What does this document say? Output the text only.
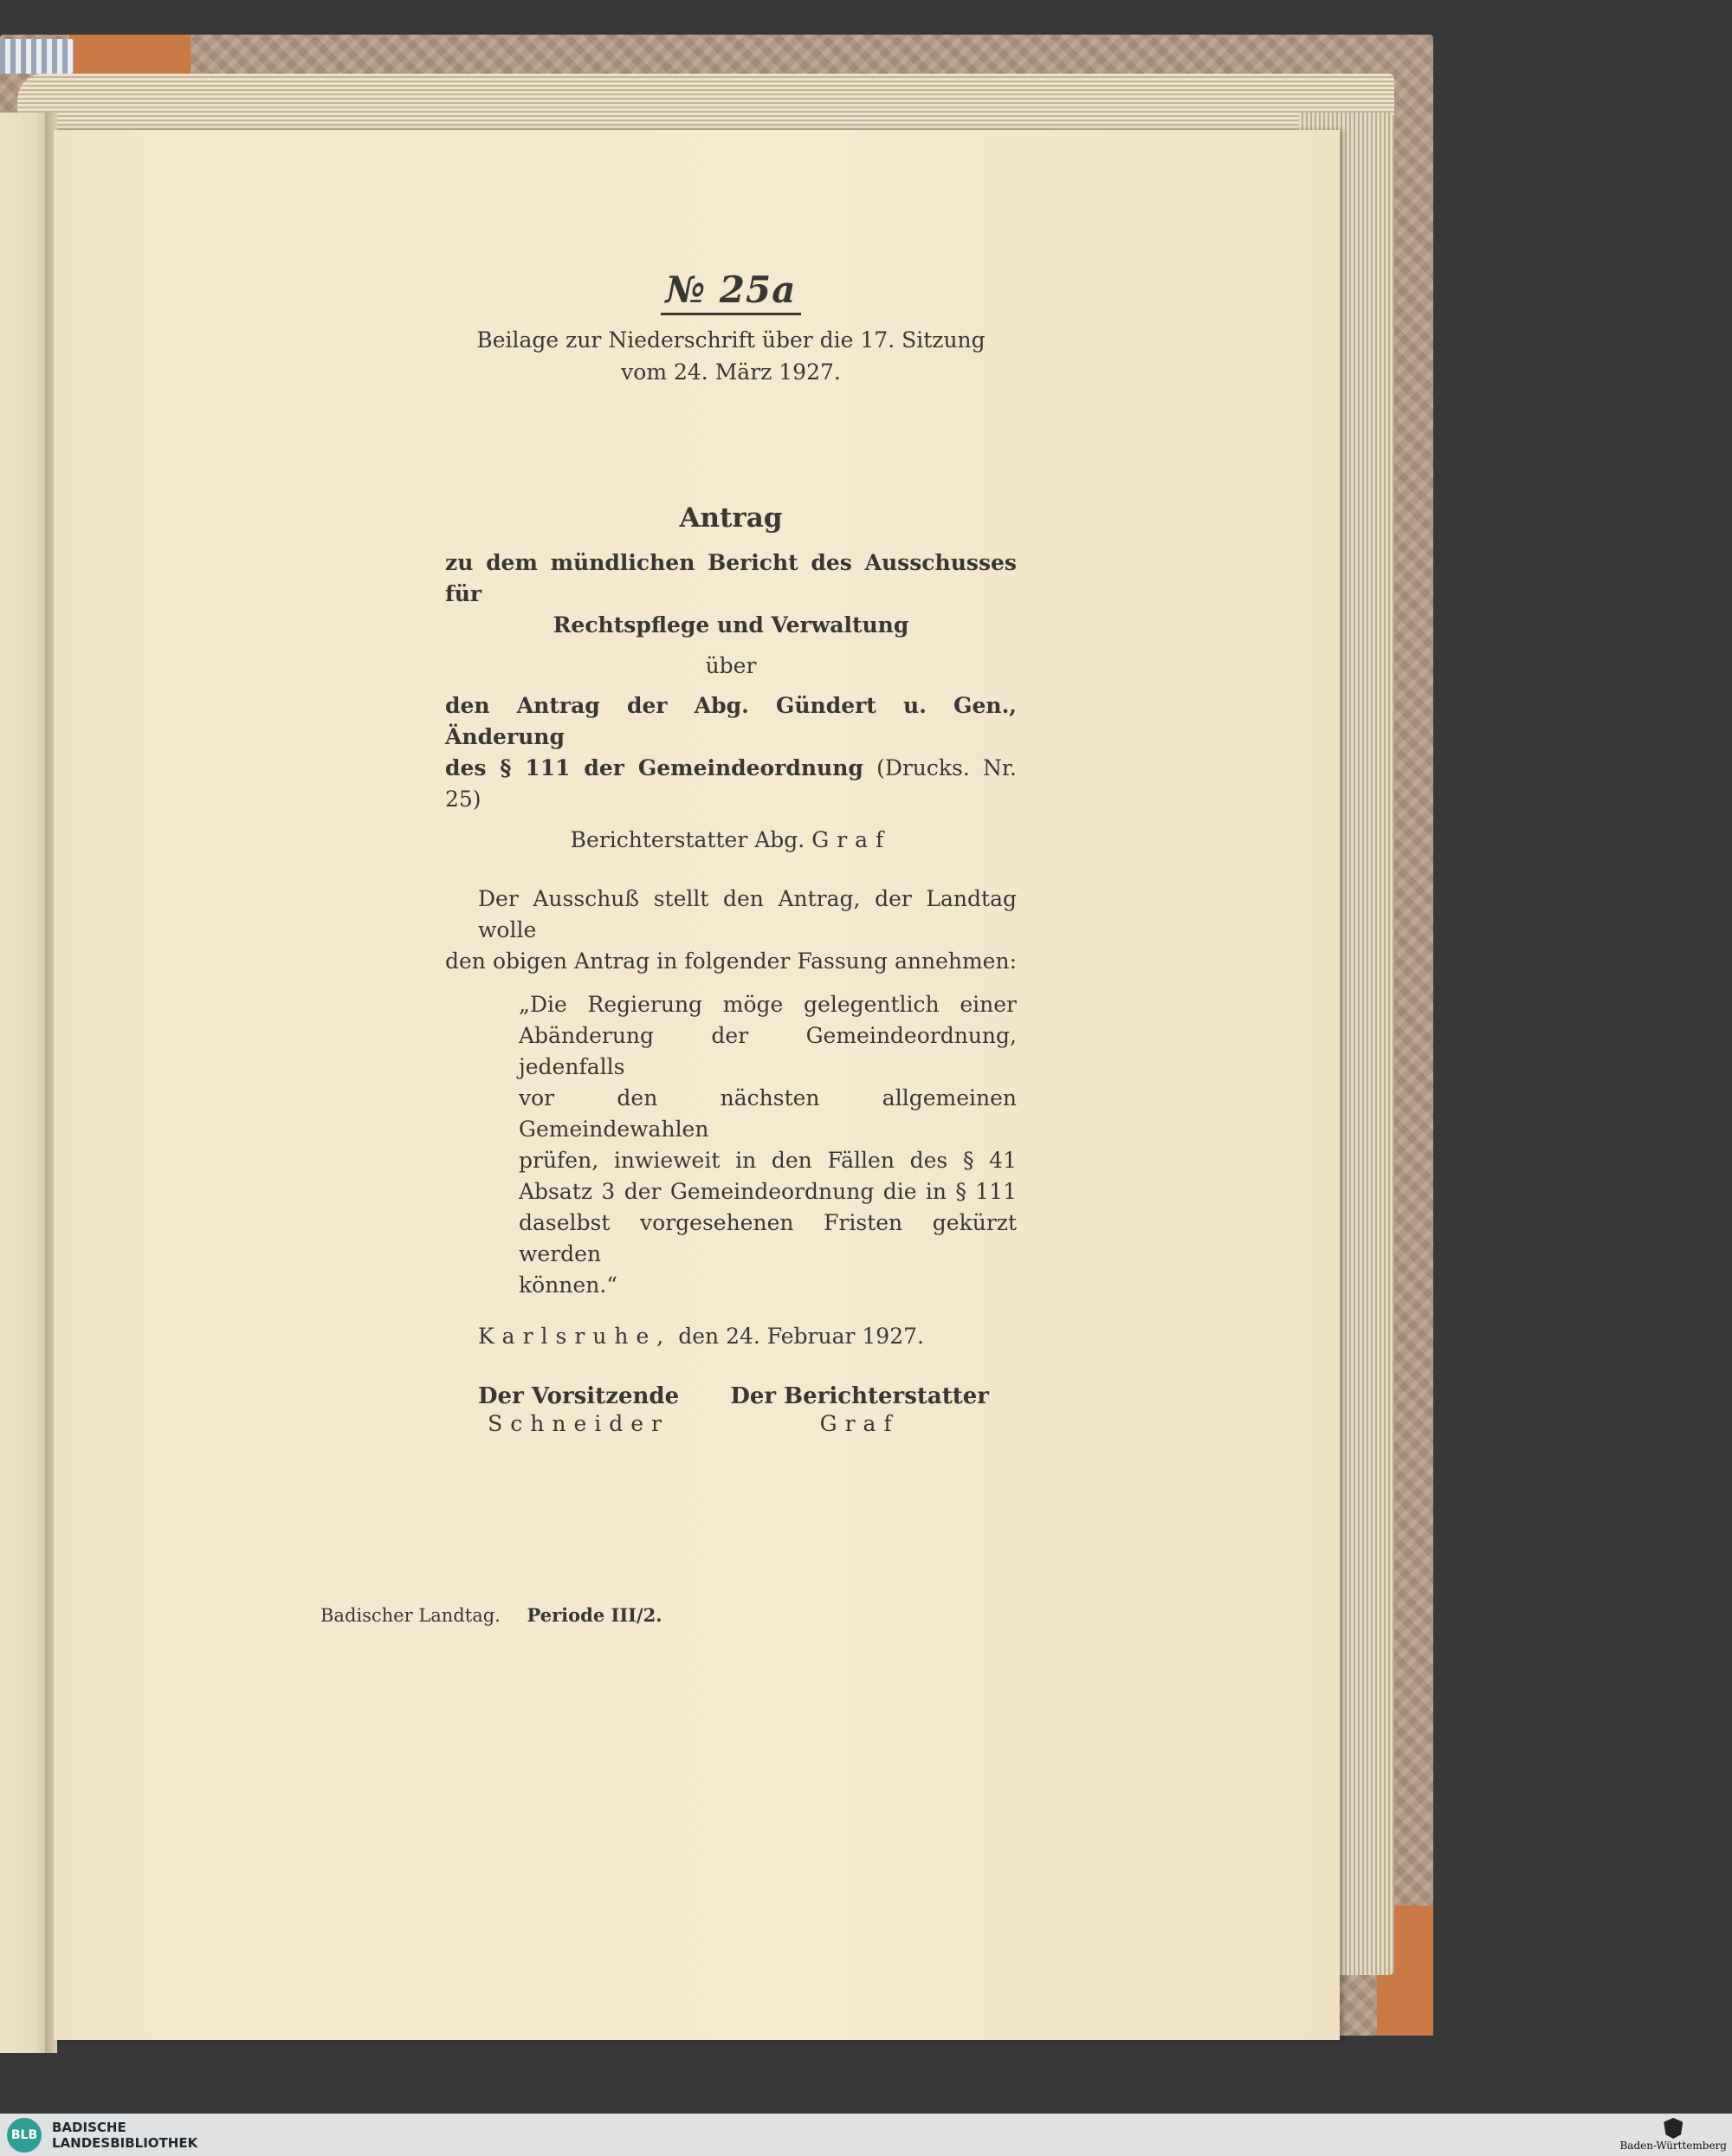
№ 25a
Beilage zur Niederschrift über die 17. Sitzung
vom 24. März 1927.
Antrag
zu dem mündlichen Bericht des Ausschusses für
Rechtspflege und Verwaltung
über
den Antrag der Abg. Gündert u. Gen., Änderung
des § 111 der Gemeindeordnung (Drucks. Nr. 25)
Berichterstatter Abg. Graf
Der Ausschuß stellt den Antrag, der Landtag wolle
den obigen Antrag in folgender Fassung annehmen:
„Die Regierung möge gelegentlich einer
Abänderung der Gemeindeordnung, jedenfalls
vor den nächsten allgemeinen Gemeindewahlen
prüfen, inwieweit in den Fällen des § 41
Absatz 3 der Gemeindeordnung die in § 111
daselbst vorgesehenen Fristen gekürzt werden
können.“
Karlsruhe, den 24. Februar 1927.
Der Vorsitzende
Schneider
Der Berichterstatter
Graf
Badischer Landtag. Periode III/2.
BLB	BADISCHE
LANDESBIBLIOTHEK	Baden-Württemberg
